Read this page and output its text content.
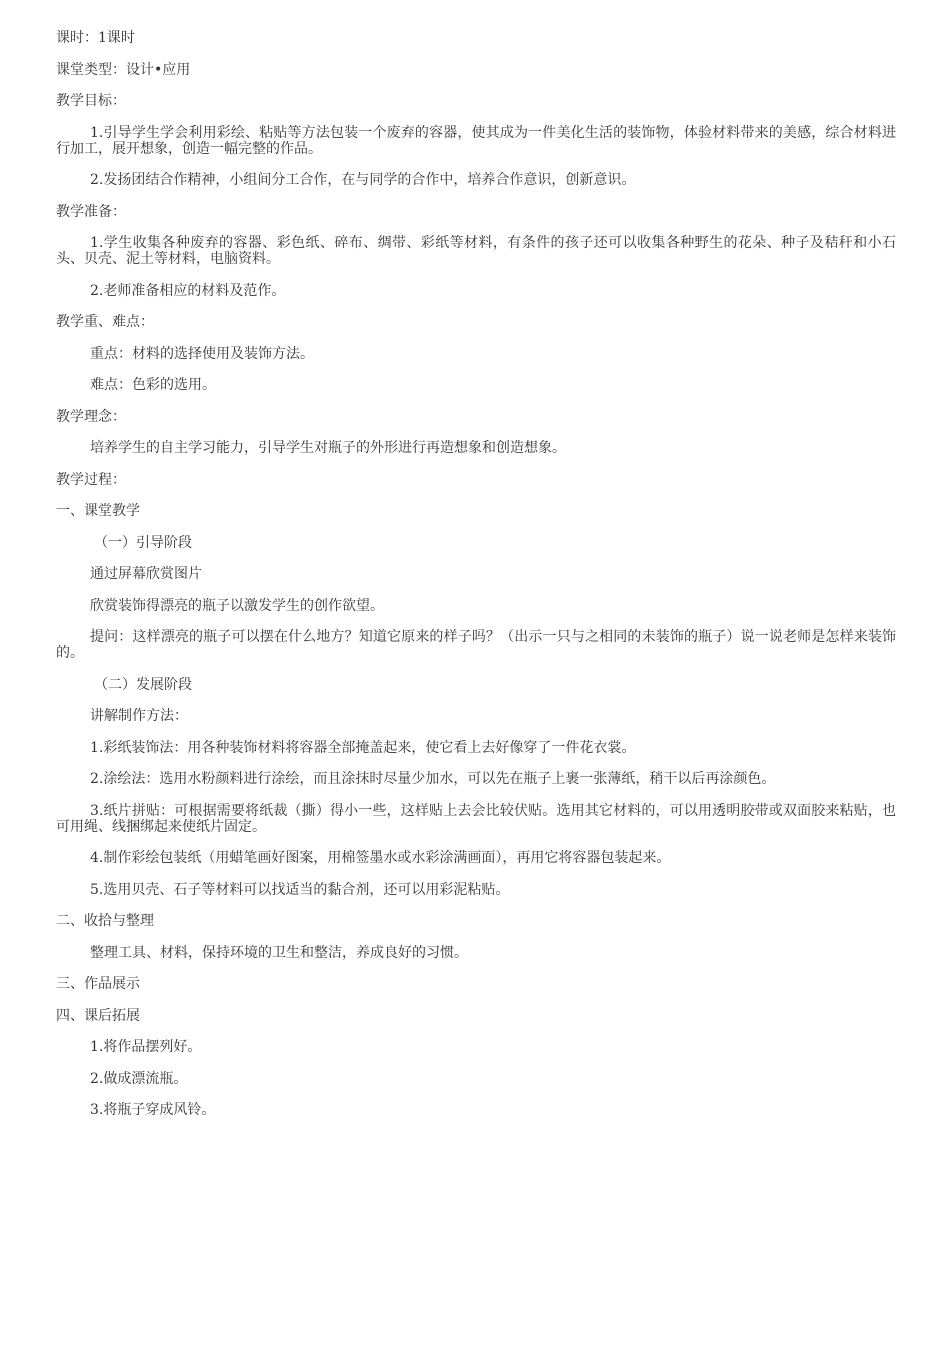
课时：1课时

课堂类型：设计•应用

教学目标：

1.引导学生学会利用彩绘、粘贴等方法包装一个废弃的容器，使其成为一件美化生活的装饰物，体验材料带来的美感，综合材料进行加工，展开想象，创造一幅完整的作品。

2.发扬团结合作精神，小组间分工合作，在与同学的合作中，培养合作意识，创新意识。

教学准备：

1.学生收集各种废弃的容器、彩色纸、碎布、绸带、彩纸等材料，有条件的孩子还可以收集各种野生的花朵、种子及秸秆和小石头、贝壳、泥土等材料，电脑资料。

2.老师准备相应的材料及范作。

教学重、难点：

重点：材料的选择使用及装饰方法。

难点：色彩的选用。

教学理念：

培养学生的自主学习能力，引导学生对瓶子的外形进行再造想象和创造想象。

教学过程：

一、课堂教学

（一）引导阶段

通过屏幕欣赏图片

欣赏装饰得漂亮的瓶子以激发学生的创作欲望。

提问：这样漂亮的瓶子可以摆在什么地方？知道它原来的样子吗？（出示一只与之相同的未装饰的瓶子）说一说老师是怎样来装饰的。

（二）发展阶段

讲解制作方法：

1.彩纸装饰法：用各种装饰材料将容器全部掩盖起来，使它看上去好像穿了一件花衣裳。

2.涂绘法：选用水粉颜料进行涂绘，而且涂抹时尽量少加水，可以先在瓶子上裹一张薄纸，稍干以后再涂颜色。

3.纸片拼贴：可根据需要将纸裁（撕）得小一些，这样贴上去会比较伏贴。选用其它材料的，可以用透明胶带或双面胶来粘贴，也可用绳、线捆绑起来使纸片固定。

4.制作彩绘包装纸（用蜡笔画好图案，用棉签墨水或水彩涂满画面），再用它将容器包装起来。

5.选用贝壳、石子等材料可以找适当的黏合剂，还可以用彩泥粘贴。

二、收拾与整理

整理工具、材料，保持环境的卫生和整洁，养成良好的习惯。

三、作品展示

四、课后拓展

1.将作品摆列好。

2.做成漂流瓶。

3.将瓶子穿成风铃。
